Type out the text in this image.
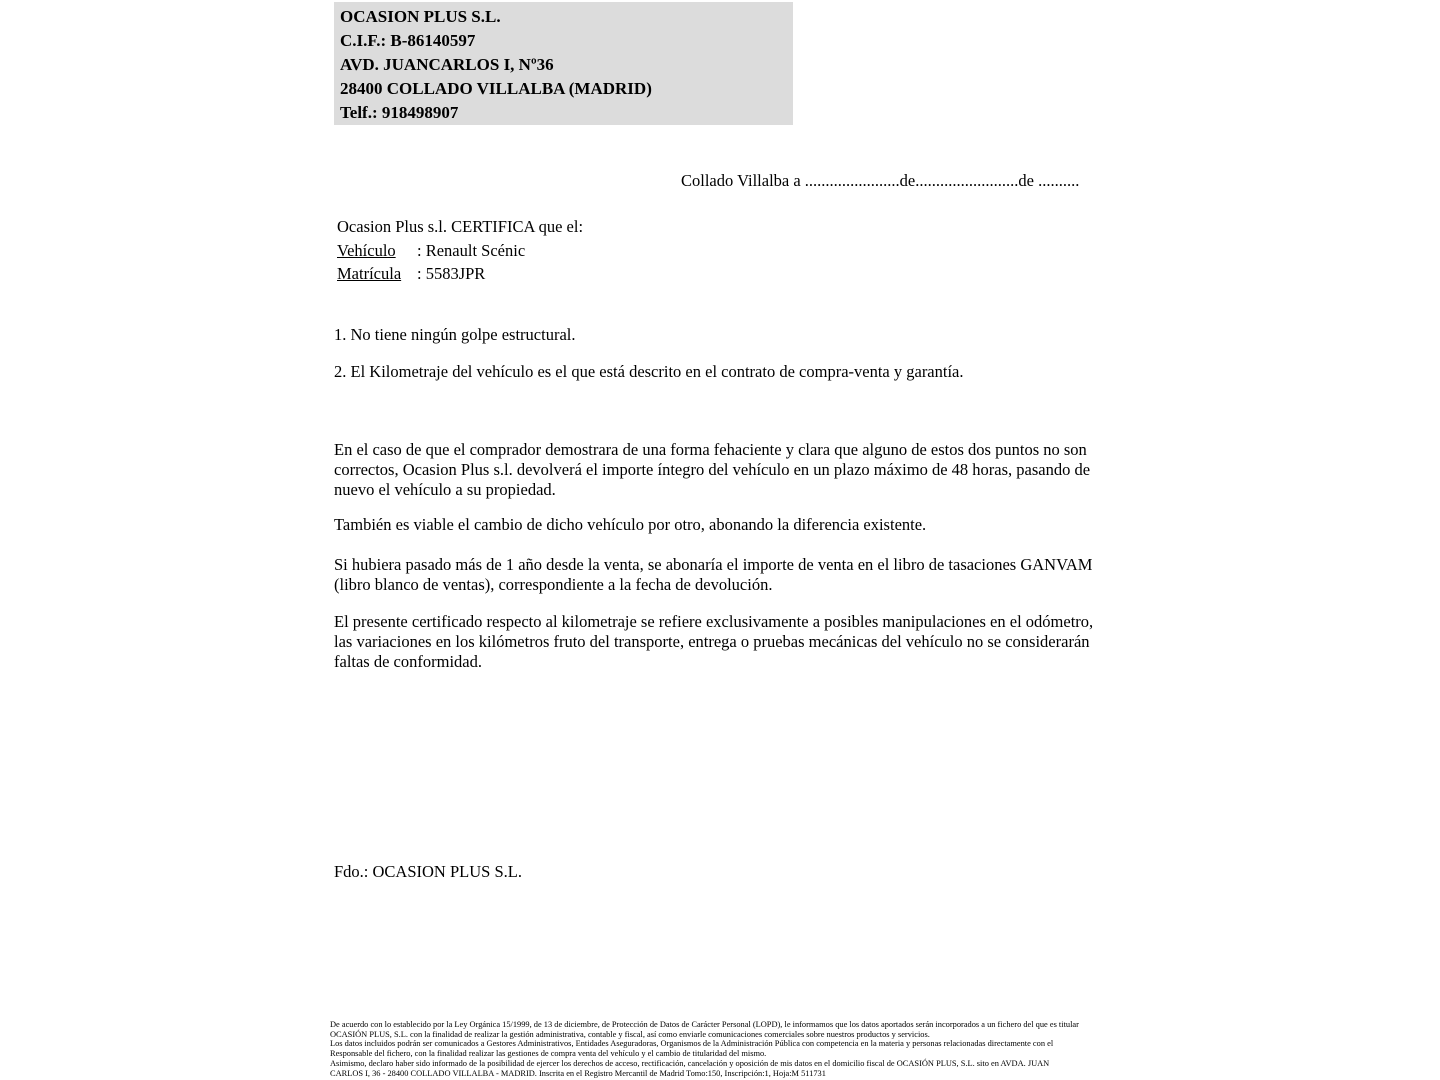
OCASION PLUS S.L.
C.I.F.: B-86140597
AVD. JUANCARLOS I, Nº36
28400 COLLADO VILLALBA (MADRID)
Telf.: 918498907
Collado Villalba a .......................de.........................de ..........
Ocasion Plus s.l. CERTIFICA que el:
Vehículo : Renault Scénic
Matrícula : 5583JPR
1. No tiene ningún golpe estructural.
2. El Kilometraje del vehículo es el que está descrito en el contrato de compra-venta y garantía.
En el caso de que el comprador demostrara de una forma fehaciente y clara que alguno de estos dos puntos no son correctos, Ocasion Plus s.l. devolverá el importe íntegro del vehículo en un plazo máximo de 48 horas, pasando de nuevo el vehículo a su propiedad.
También es viable el cambio de dicho vehículo por otro, abonando la diferencia existente.
Si hubiera pasado más de 1 año desde la venta, se abonaría el importe de venta en el libro de tasaciones GANVAM (libro blanco de ventas), correspondiente a la fecha de devolución.
El presente certificado respecto al kilometraje se refiere exclusivamente a posibles manipulaciones en el odómetro, las variaciones en los kilómetros fruto del transporte, entrega o pruebas mecánicas del vehículo no se considerarán faltas de conformidad.
Fdo.: OCASION PLUS S.L.
De acuerdo con lo establecido por la Ley Orgánica 15/1999, de 13 de diciembre, de Protección de Datos de Carácter Personal (LOPD), le informamos que los datos aportados serán incorporados a un fichero del que es titular
OCASIÓN PLUS, S.L. con la finalidad de realizar la gestión administrativa, contable y fiscal, así como enviarle comunicaciones comerciales sobre nuestros productos y servicios.
Los datos incluidos podrán ser comunicados a Gestores Administrativos, Entidades Aseguradoras, Organismos de la Administración Pública con competencia en la materia y personas relacionadas directamente con el
Responsable del fichero, con la finalidad realizar las gestiones de compra venta del vehículo y el cambio de titularidad del mismo.
Asimismo, declaro haber sido informado de la posibilidad de ejercer los derechos de acceso, rectificación, cancelación y oposición de mis datos en el domicilio fiscal de OCASIÓN PLUS, S.L. sito en AVDA. JUAN
CARLOS I, 36 - 28400 COLLADO VILLALBA - MADRID. Inscrita en el Registro Mercantil de Madrid Tomo:150, Inscripción:1, Hoja:M 511731
